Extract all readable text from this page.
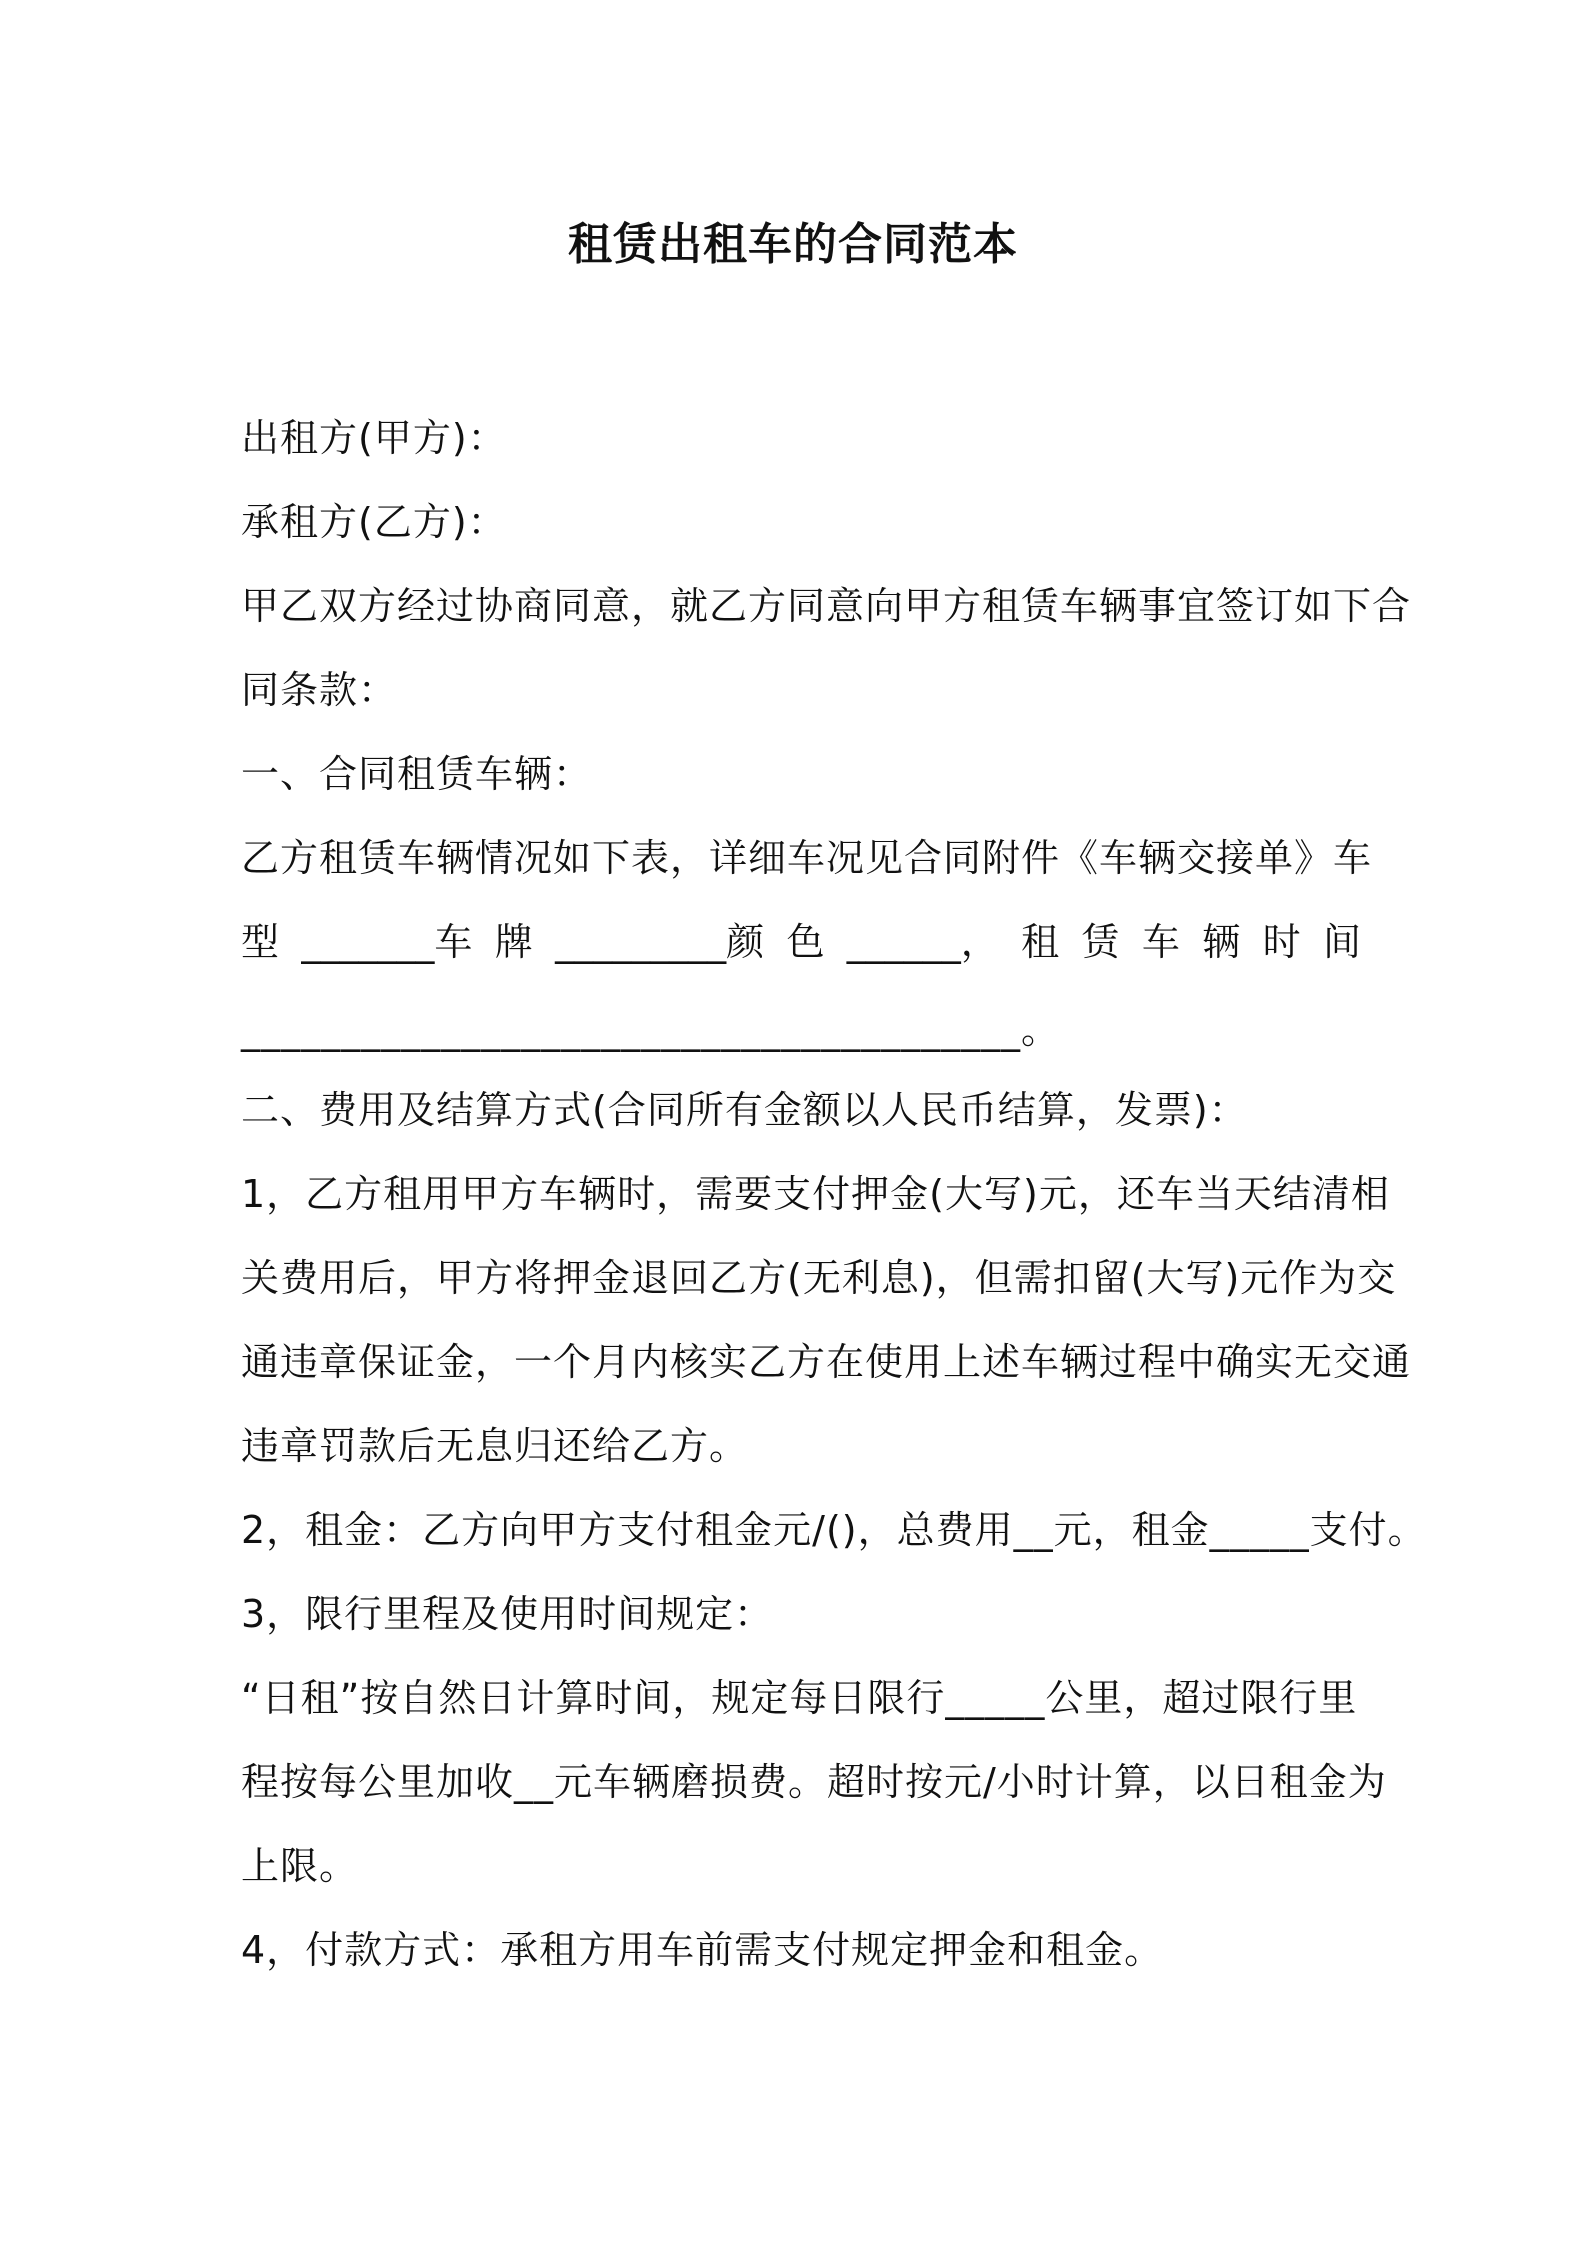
租赁出租车的合同范本
出租方(甲方)：
承租方(乙方)：
甲乙双方经过协商同意，就乙方同意向甲方租赁车辆事宜签订如下合
同条款：
一、合同租赁车辆：
乙方租赁车辆情况如下表，详细车况见合同附件《车辆交接单》车
型 _______车 牌 _________颜 色 ______， 租 赁 车 辆 时 间
_______________________________________。
二、费用及结算方式(合同所有金额以人民币结算，发票)：
1，乙方租用甲方车辆时，需要支付押金(大写)元，还车当天结清相
关费用后，甲方将押金退回乙方(无利息)，但需扣留(大写)元作为交
通违章保证金，一个月内核实乙方在使用上述车辆过程中确实无交通
违章罚款后无息归还给乙方。
2，租金：乙方向甲方支付租金元/()，总费用__元，租金_____支付。
3，限行里程及使用时间规定：
“日租”按自然日计算时间，规定每日限行_____公里，超过限行里
程按每公里加收__元车辆磨损费。超时按元/小时计算，以日租金为
上限。
4，付款方式：承租方用车前需支付规定押金和租金。
